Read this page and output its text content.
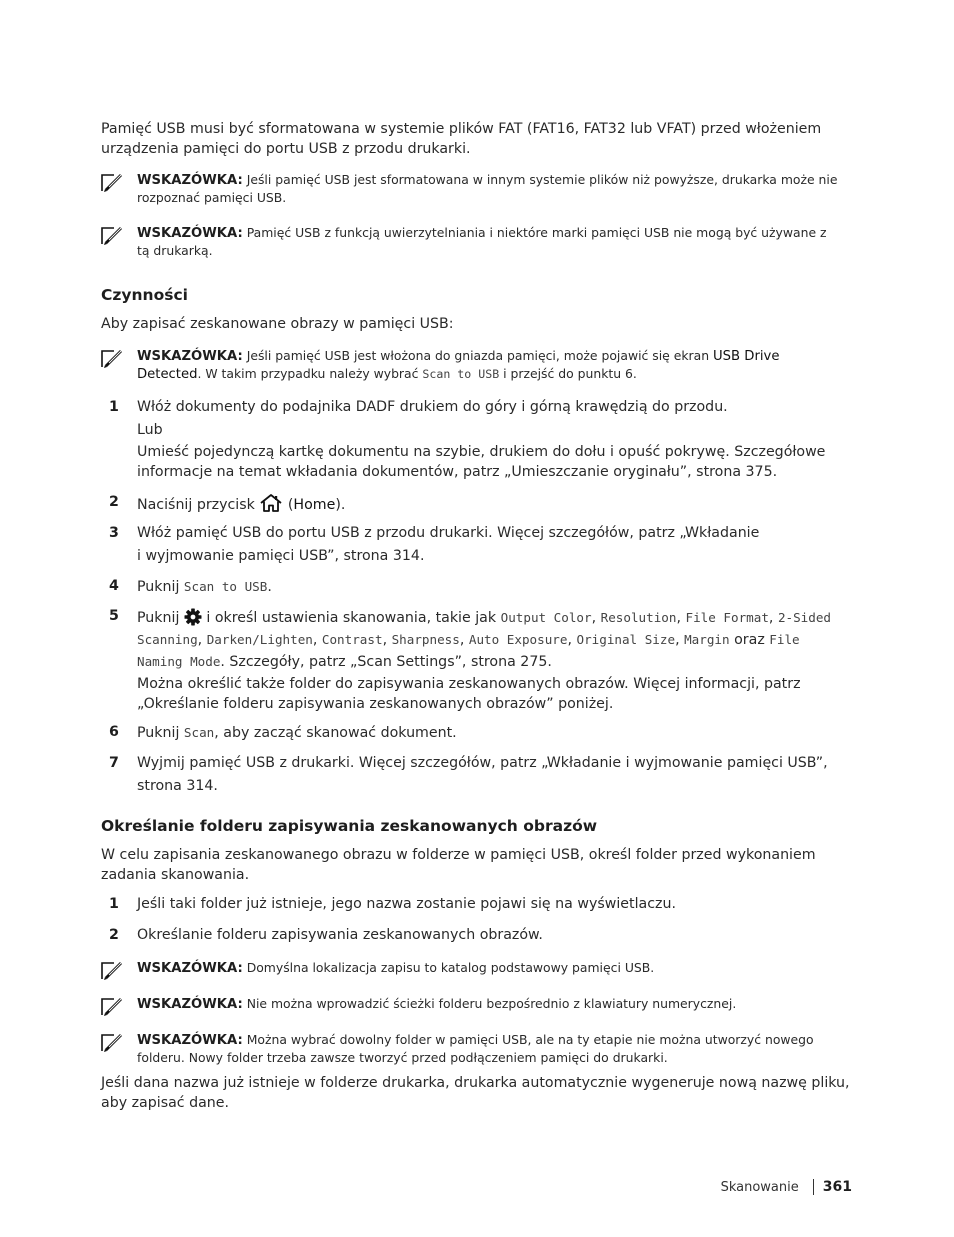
Pamięć USB musi być sformatowana w systemie plików FAT (FAT16, FAT32 lub VFAT) przed włożeniem urządzenia pamięci do portu USB z przodu drukarki.

WSKAZÓWKA: Jeśli pamięć USB jest sformatowana w innym systemie plików niż powyższe, drukarka może nie rozpoznać pamięci USB.
WSKAZÓWKA: Pamięć USB z funkcją uwierzytelniania i niektóre marki pamięci USB nie mogą być używane z tą drukarką.
Czynności

Aby zapisać zeskanowane obrazy w pamięci USB:

WSKAZÓWKA: Jeśli pamięć USB jest włożona do gniazda pamięci, może pojawić się ekran USB Drive Detected. W takim przypadku należy wybrać Scan to USB i przejść do punktu 6.
1 Włóż dokumenty do podajnika DADF drukiem do góry i górną krawędzią do przodu.
Lub
Umieść pojedynczą kartkę dokumentu na szybie, drukiem do dołu i opuść pokrywę. Szczegółowe informacje na temat wkładania dokumentów, patrz „Umieszczanie oryginału”, strona 375.
2 Naciśnij przycisk  (Home).
3 Włóż pamięć USB do portu USB z przodu drukarki. Więcej szczegółów, patrz „Wkładanie
i wyjmowanie pamięci USB”, strona 314.
4 Puknij Scan to USB.
5 Puknij i określ ustawienia skanowania, takie jak Output Color, Resolution, File Format, 2-Sided Scanning, Darken/Lighten, Contrast, Sharpness, Auto Exposure, Original Size, Margin oraz File Naming Mode. Szczegóły, patrz „Scan Settings”, strona 275.
Można określić także folder do zapisywania zeskanowanych obrazów. Więcej informacji, patrz „Określanie folderu zapisywania zeskanowanych obrazów” poniżej.
6 Puknij Scan, aby zacząć skanować dokument.
7 Wyjmij pamięć USB z drukarki. Więcej szczegółów, patrz „Wkładanie i wyjmowanie pamięci USB”,
strona 314.
Określanie folderu zapisywania zeskanowanych obrazów

W celu zapisania zeskanowanego obrazu w folderze w pamięci USB, określ folder przed wykonaniem zadania skanowania.

1 Jeśli taki folder już istnieje, jego nazwa zostanie pojawi się na wyświetlaczu.
2 Określanie folderu zapisywania zeskanowanych obrazów.
WSKAZÓWKA: Domyślna lokalizacja zapisu to katalog podstawowy pamięci USB.
WSKAZÓWKA: Nie można wprowadzić ścieżki folderu bezpośrednio z klawiatury numerycznej.
WSKAZÓWKA: Można wybrać dowolny folder w pamięci USB, ale na ty etapie nie można utworzyć nowego folderu. Nowy folder trzeba zawsze tworzyć przed podłączeniem pamięci do drukarki.

Jeśli dana nazwa już istnieje w folderze drukarka, drukarka automatycznie wygeneruje nową nazwę pliku, aby zapisać dane.

Skanowanie 361
